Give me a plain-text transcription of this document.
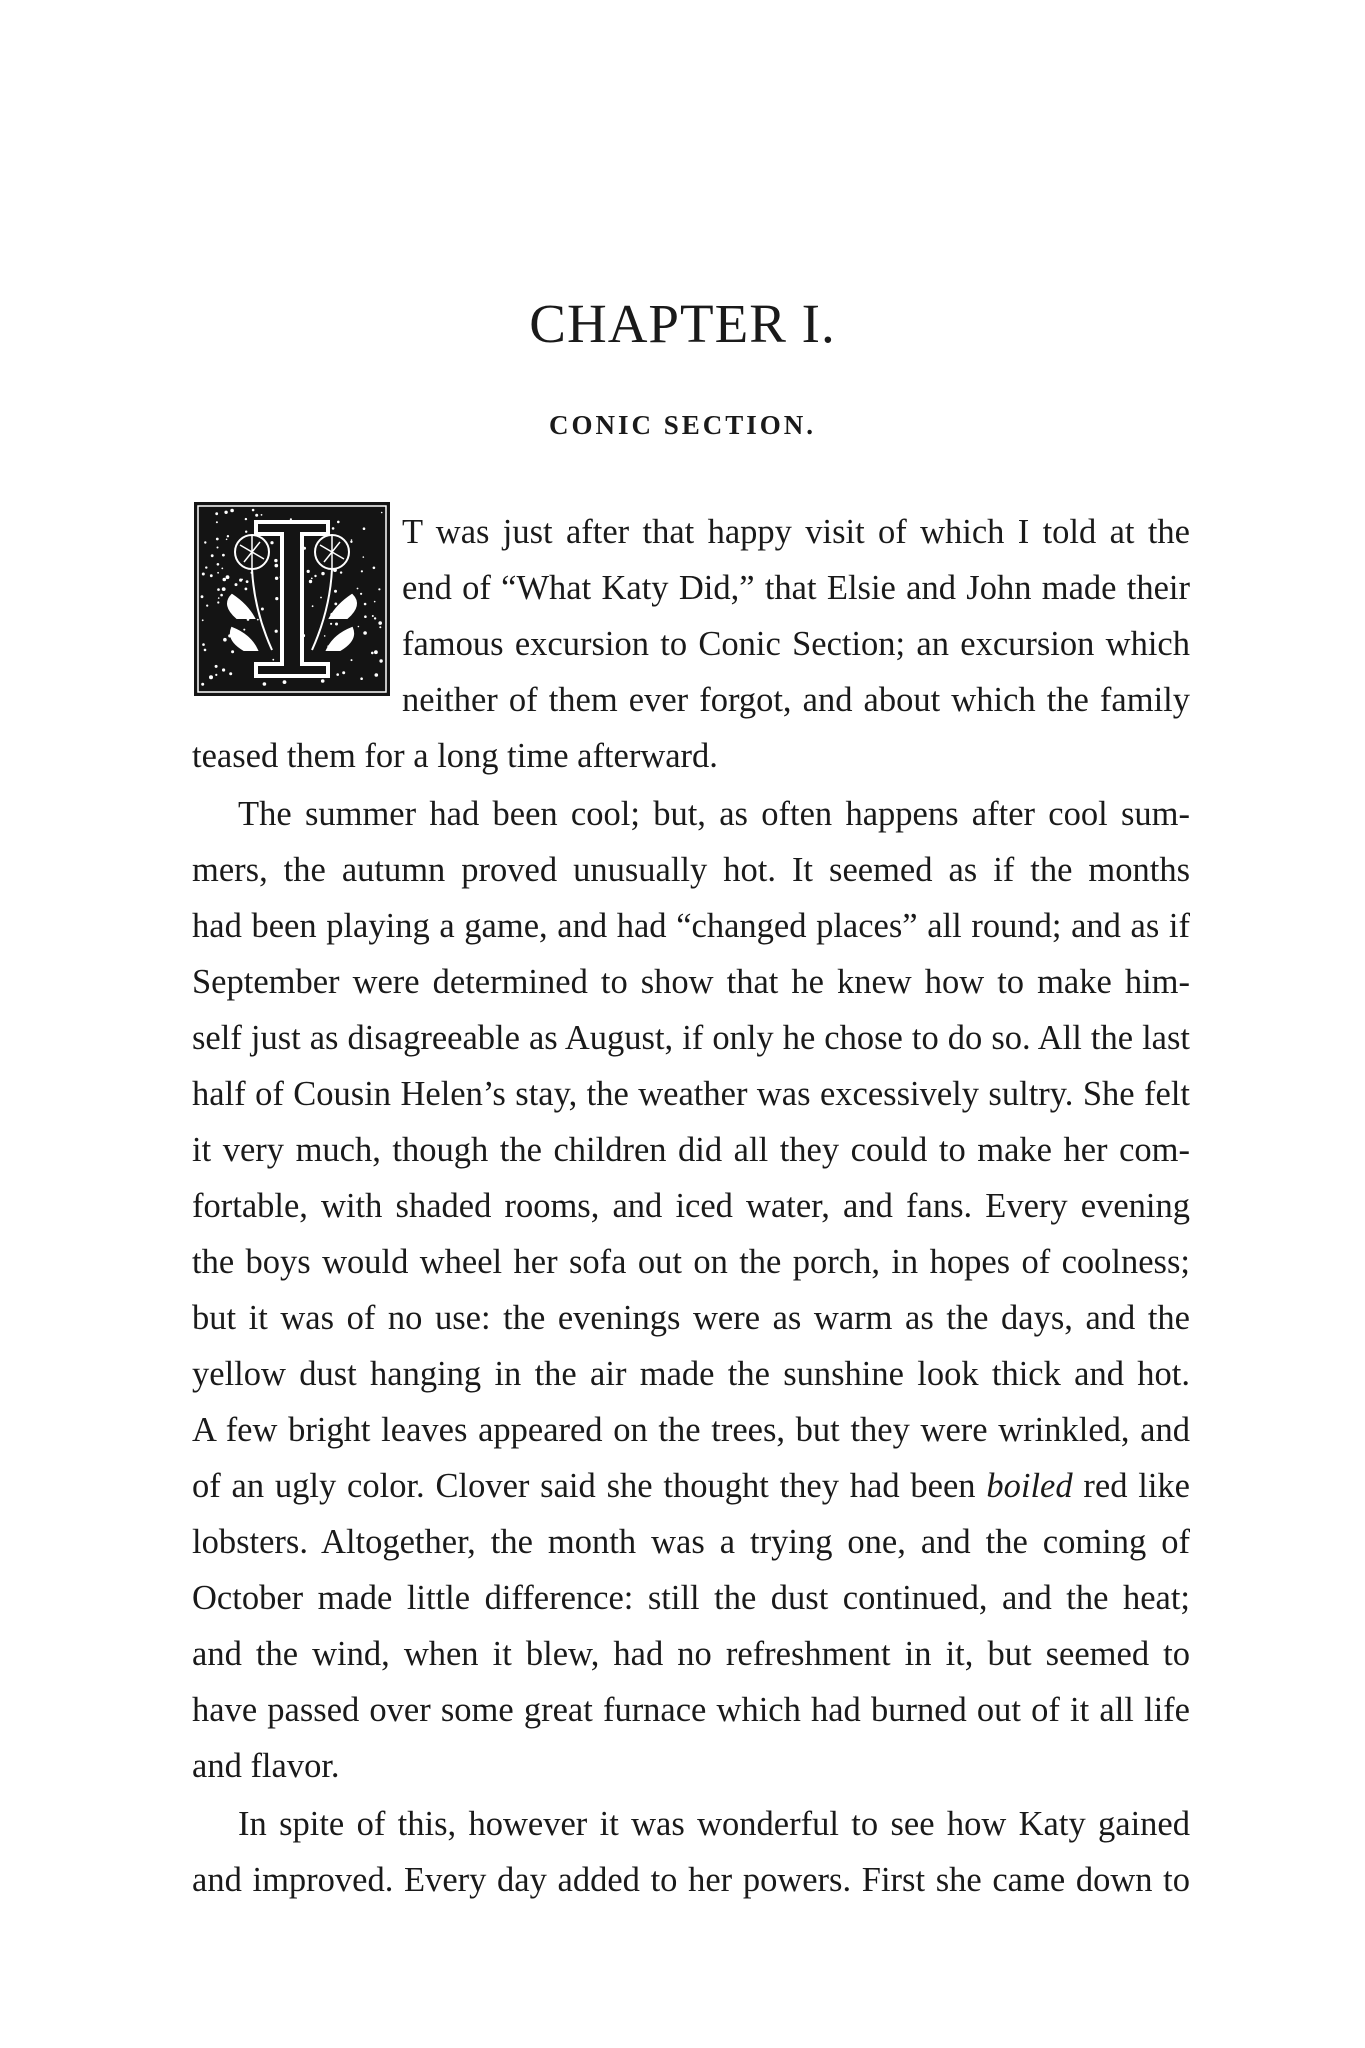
CHAPTER I.
CONIC SECTION.
T was just after that happy visit of which I told at the
end of “What Katy Did,” that Elsie and John made their
famous excursion to Conic Section; an excursion which
neither of them ever forgot, and about which the family
teased them for a long time afterward.
The summer had been cool; but, as often happens after cool sum-
mers, the autumn proved unusually hot. It seemed as if the months
had been playing a game, and had “changed places” all round; and as if
September were determined to show that he knew how to make him-
self just as disagreeable as August, if only he chose to do so. All the last
half of Cousin Helen’s stay, the weather was excessively sultry. She felt
it very much, though the children did all they could to make her com-
fortable, with shaded rooms, and iced water, and fans. Every evening
the boys would wheel her sofa out on the porch, in hopes of coolness;
but it was of no use: the evenings were as warm as the days, and the
yellow dust hanging in the air made the sunshine look thick and hot.
A few bright leaves appeared on the trees, but they were wrinkled, and
of an ugly color. Clover said she thought they had been boiled red like
lobsters. Altogether, the month was a trying one, and the coming of
October made little difference: still the dust continued, and the heat;
and the wind, when it blew, had no refreshment in it, but seemed to
have passed over some great furnace which had burned out of it all life
and flavor.
In spite of this, however it was wonderful to see how Katy gained
and improved. Every day added to her powers. First she came down to
